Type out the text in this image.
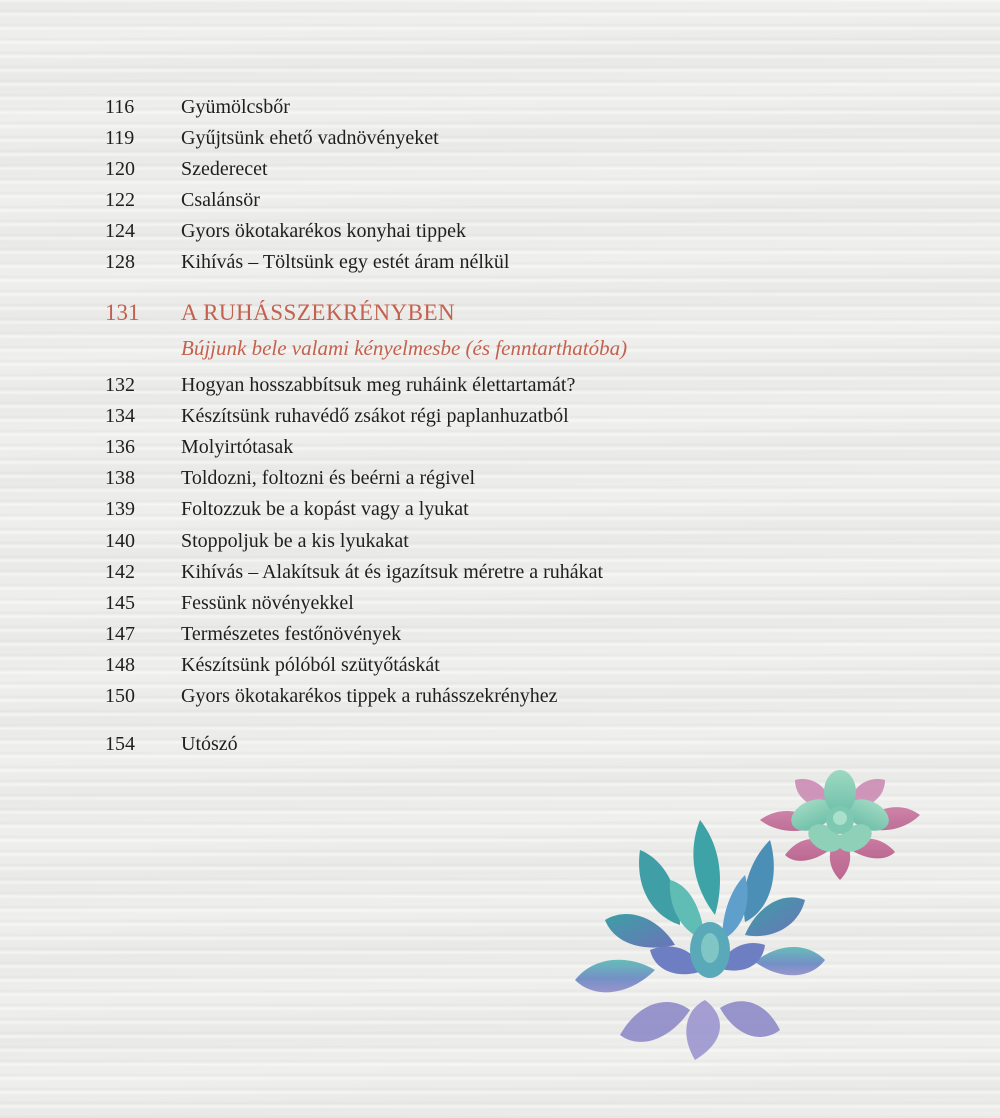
116	Gyümölcsbőr
119	Gyűjtsünk ehető vadnövényeket
120	Szederecet
122	Csalánsör
124	Gyors ökotakarékos konyhai tippek
128	Kihívás – Töltsünk egy estét áram nélkül
131 A RUHÁSSZEKRÉNYBEN
Bújjunk bele valami kényelmesbe (és fenntarthatóba)
132	Hogyan hosszabbítsuk meg ruháink élettartamát?
134	Készítsünk ruhavédő zsákot régi paplanhuzatból
136	Molyirtótasak
138	Toldozni, foltozni és beérni a régivel
139	Foltozzuk be a kopást vagy a lyukat
140	Stoppoljuk be a kis lyukakat
142	Kihívás – Alakítsuk át és igazítsuk méretre a ruhákat
145	Fessünk növényekkel
147	Természetes festőnövények
148	Készítsünk pólóból szütyőtáskát
150	Gyors ökotakarékos tippek a ruhásszekrényhez
154	Utószó
